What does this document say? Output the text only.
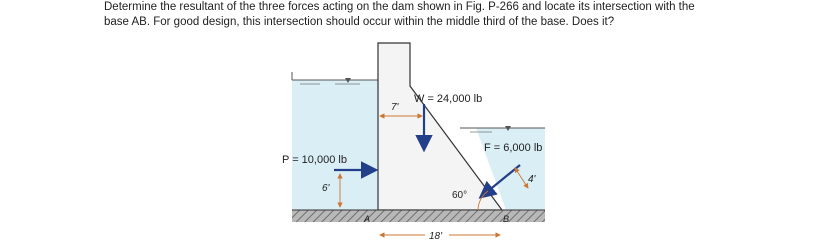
Determine the resultant of the three forces acting on the dam shown in Fig. P-266 and locate its intersection with the
base AB. For good design, this intersection should occur within the middle third of the base. Does it?
A	B
W = 24,000 lb
7'
P = 10,000 lb
6'
F = 6,000 lb
4'
60°
18'
